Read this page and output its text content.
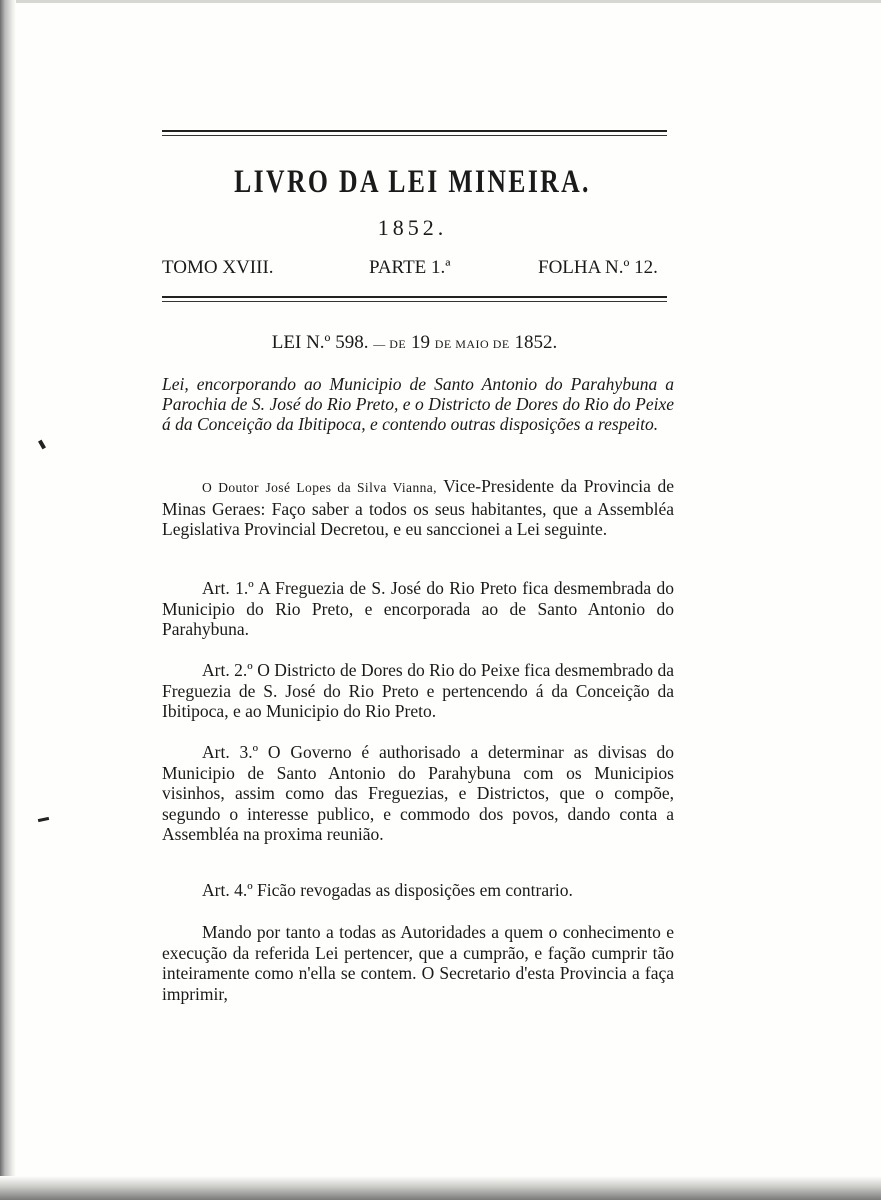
LIVRO DA LEI MINEIRA.
1852.
TOMO XVIII.	PARTE 1.ª	FOLHA N.º 12.
LEI N.º 598. — DE 19 DE MAIO DE 1852.
Lei, encorporando ao Municipio de Santo Antonio do Parahybuna a Parochia de S. José do Rio Preto, e o Districto de Dores do Rio do Peixe á da Conceição da Ibitipoca, e contendo outras disposições a respeito.
O Doutor José Lopes da Silva Vianna, Vice-Presidente da Provincia de Minas Geraes: Faço saber a todos os seus habitantes, que a Assembléa Legislativa Provincial Decretou, e eu sanccionei a Lei seguinte.
Art. 1.º A Freguezia de S. José do Rio Preto fica desmembrada do Municipio do Rio Preto, e encorporada ao de Santo Antonio do Parahybuna.
Art. 2.º O Districto de Dores do Rio do Peixe fica desmembrado da Freguezia de S. José do Rio Preto e pertencendo á da Conceição da Ibitipoca, e ao Municipio do Rio Preto.
Art. 3.º O Governo é authorisado a determinar as divisas do Municipio de Santo Antonio do Parahybuna com os Municipios visinhos, assim como das Freguezias, e Districtos, que o compõe, segundo o interesse publico, e commodo dos povos, dando conta a Assembléa na proxima reunião.
Art. 4.º Ficão revogadas as disposições em contrario.
Mando por tanto a todas as Autoridades a quem o conhecimento e execução da referida Lei pertencer, que a cumprão, e fação cumprir tão inteiramente como n'ella se contem. O Secretario d'esta Provincia a faça imprimir,
